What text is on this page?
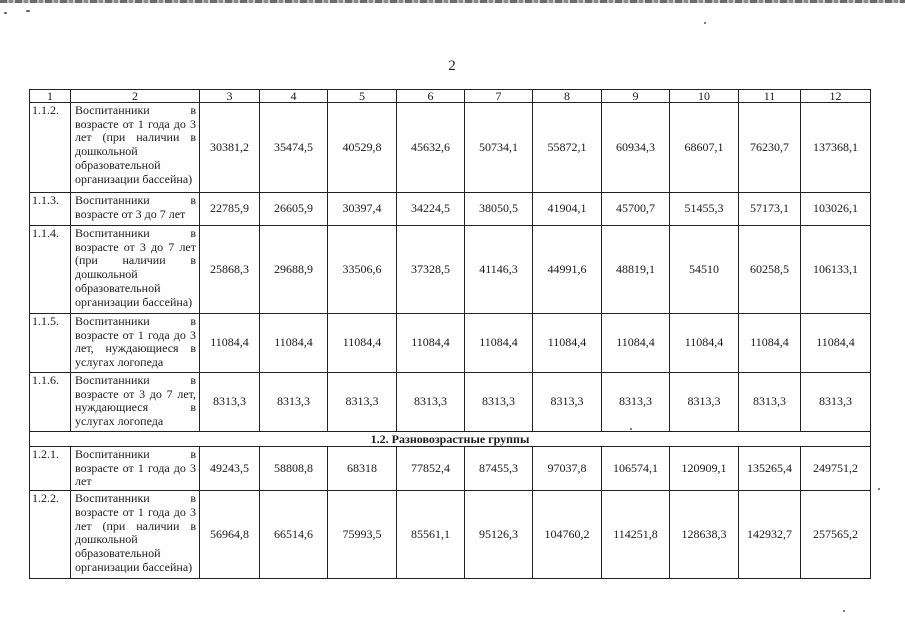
2
1	2	3	4	5	6	7	8	9	10	11	12
1.1.2.	Воспитанники в возрасте от 1 года до 3 лет (при наличии в дошкольной образовательной организации бассейна)	30381,2	35474,5	40529,8	45632,6	50734,1	55872,1	60934,3	68607,1	76230,7	137368,1
1.1.3.	Воспитанники в возрасте от 3 до 7 лет	22785,9	26605,9	30397,4	34224,5	38050,5	41904,1	45700,7	51455,3	57173,1	103026,1
1.1.4.	Воспитанники в возрасте от 3 до 7 лет (при наличии в дошкольной образовательной организации бассейна)	25868,3	29688,9	33506,6	37328,5	41146,3	44991,6	48819,1	54510	60258,5	106133,1
1.1.5.	Воспитанники в возрасте от 1 года до 3 лет, нуждающиеся в услугах логопеда	11084,4	11084,4	11084,4	11084,4	11084,4	11084,4	11084,4	11084,4	11084,4	11084,4
1.1.6.	Воспитанники в возрасте от 3 до 7 лет, нуждающиеся в услугах логопеда	8313,3	8313,3	8313,3	8313,3	8313,3	8313,3	8313,3	8313,3	8313,3	8313,3
1.2. Разновозрастные группы											
1.2.1.	Воспитанники в возрасте от 1 года до 3 лет	49243,5	58808,8	68318	77852,4	87455,3	97037,8	106574,1	120909,1	135265,4	249751,2
1.2.2.	Воспитанники в возрасте от 1 года до 3 лет (при наличии в дошкольной образовательной организации бассейна)	56964,8	66514,6	75993,5	85561,1	95126,3	104760,2	114251,8	128638,3	142932,7	257565,2
